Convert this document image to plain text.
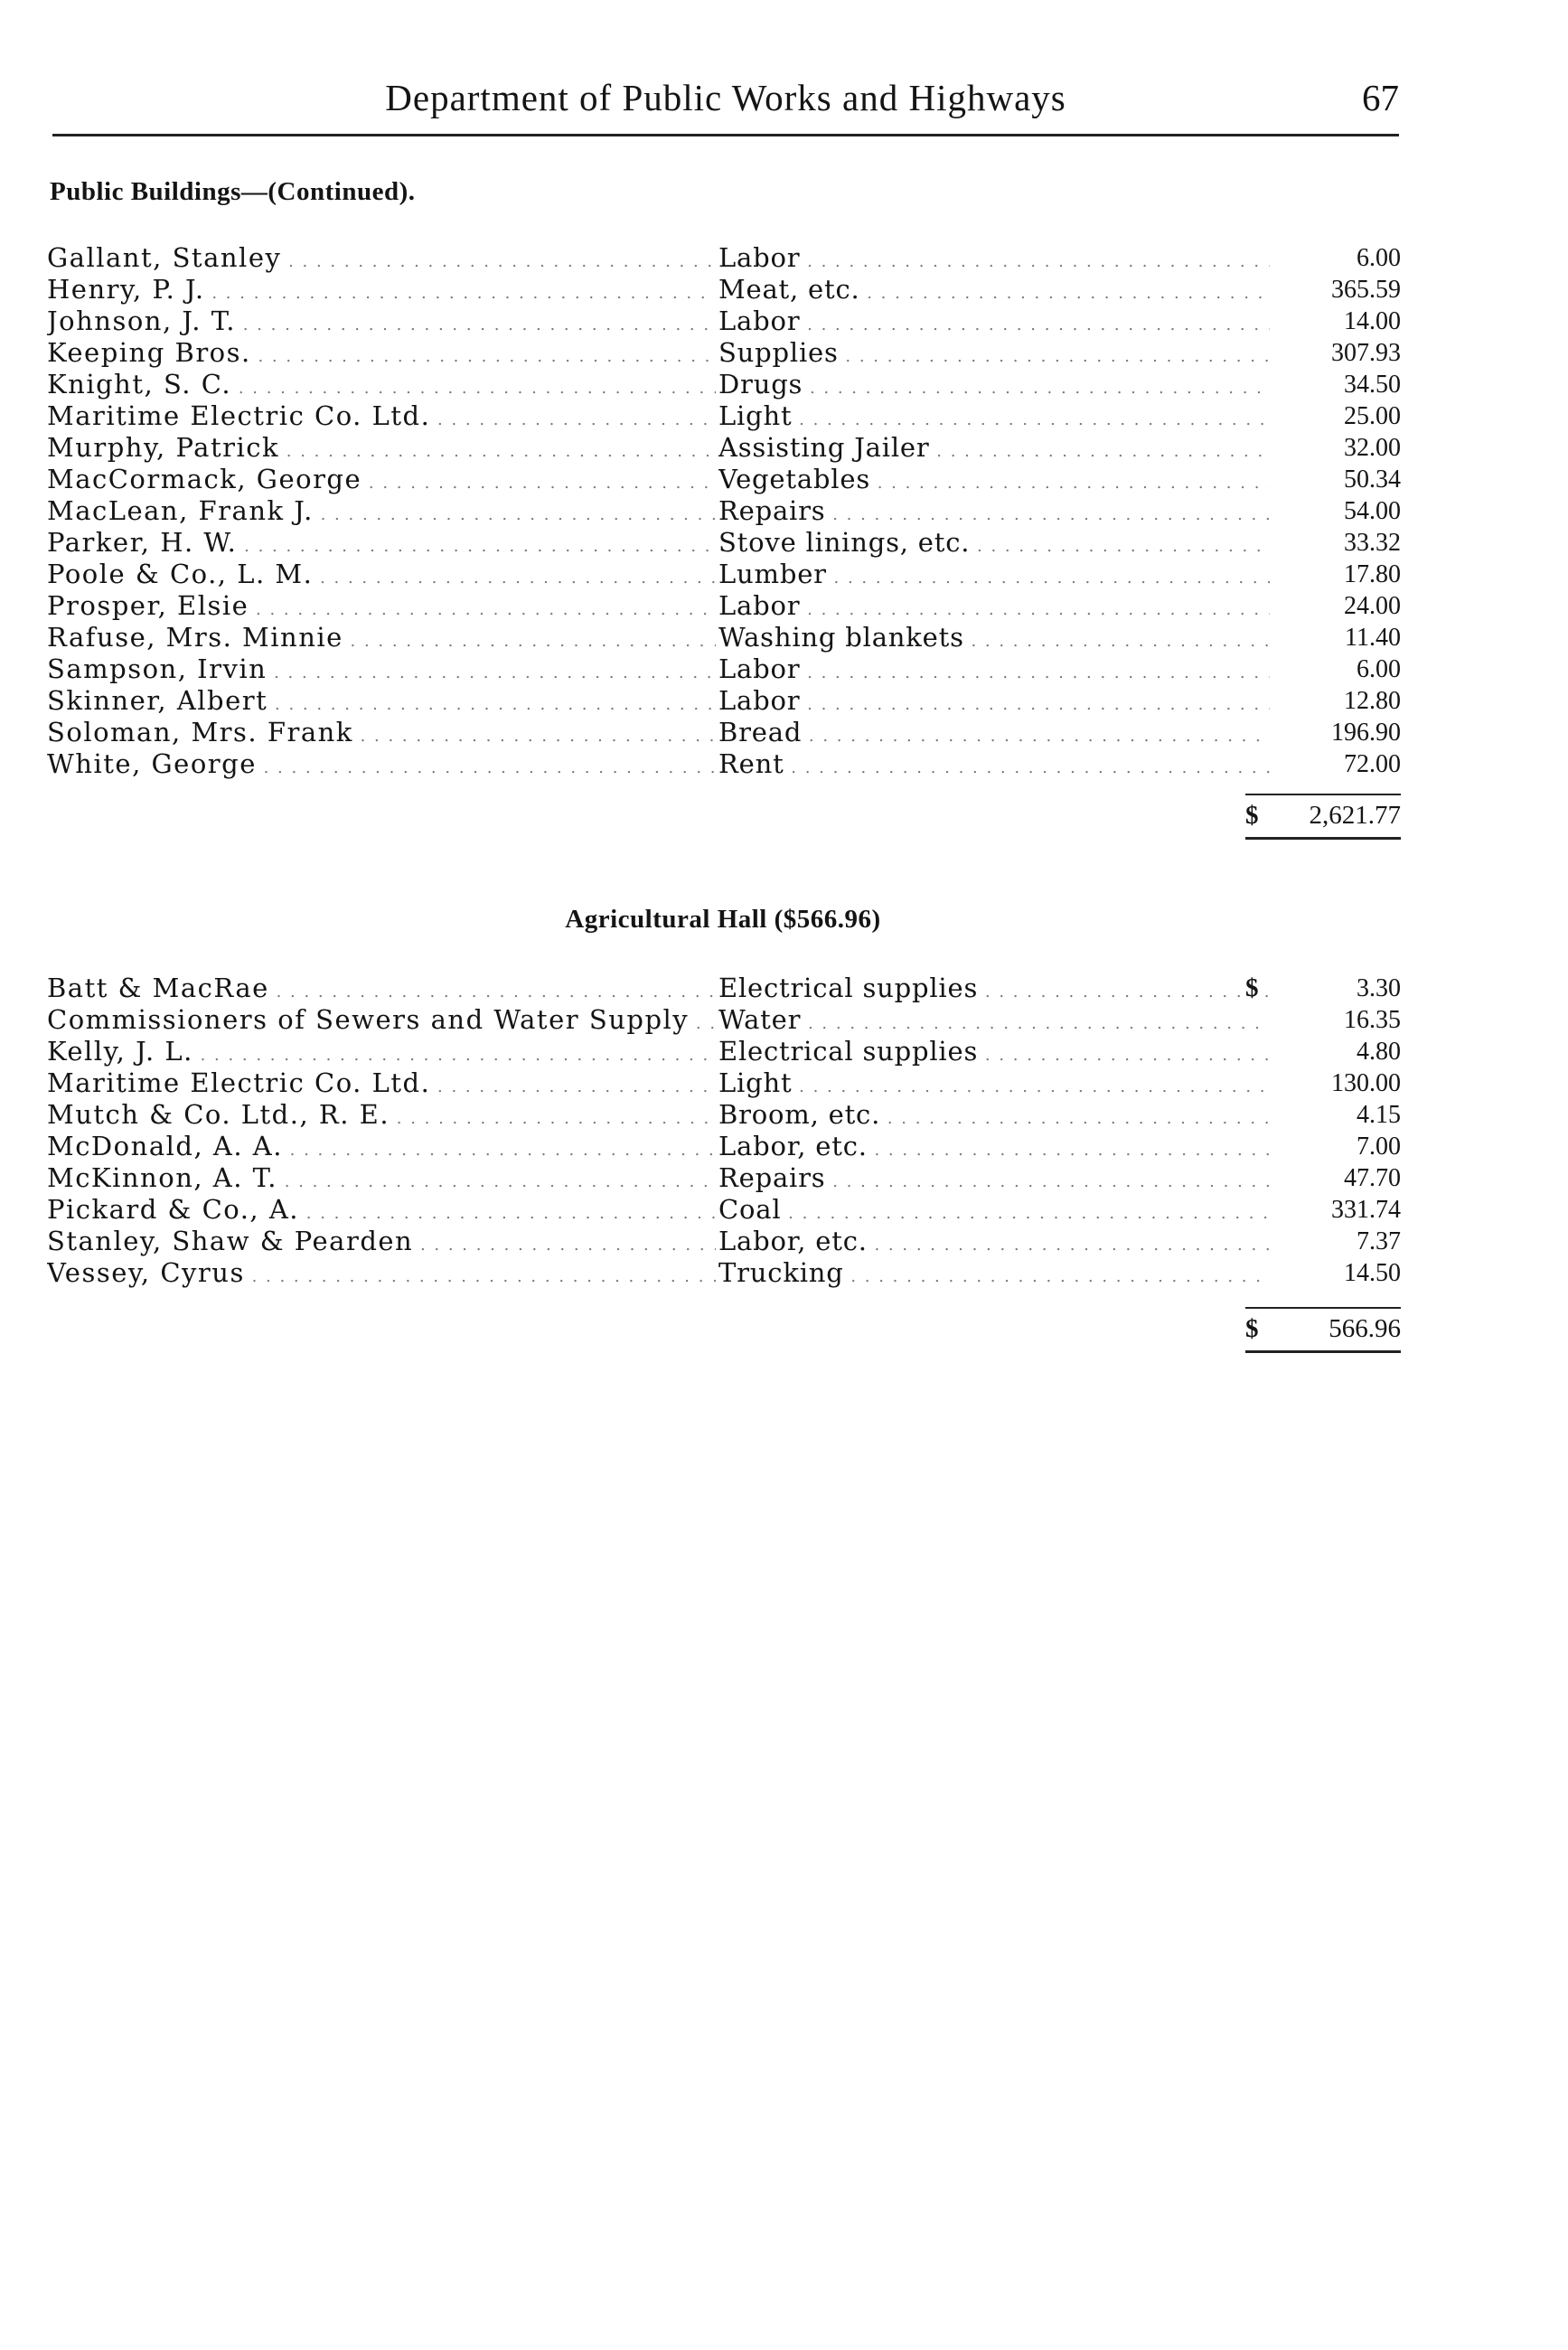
Department of Public Works and Highways	67
Public Buildings—(Continued).
Gallant, Stanley . . .	Labor . . .	6.00
Henry, P. J. . . .	Meat, etc. . . .	365.59
Johnson, J. T. . . .	Labor . . .	14.00
Keeping Bros. . . .	Supplies . . .	307.93
Knight, S. C. . . .	Drugs . . .	34.50
Maritime Electric Co. Ltd. . . .	Light . . .	25.00
Murphy, Patrick . . .	Assisting Jailer . . .	32.00
MacCormack, George . . .	Vegetables . . .	50.34
MacLean, Frank J. . . .	Repairs . . .	54.00
Parker, H. W. . . .	Stove linings, etc. . . .	33.32
Poole & Co., L. M. . . .	Lumber . . .	17.80
Prosper, Elsie . . .	Labor . . .	24.00
Rafuse, Mrs. Minnie . . .	Washing blankets . . .	11.40
Sampson, Irvin . . .	Labor . . .	6.00
Skinner, Albert . . .	Labor . . .	12.80
Soloman, Mrs. Frank . . .	Bread . . .	196.90
White, George . . .	Rent . . .	72.00
$ 2,621.77
Agricultural Hall ($566.96)
Batt & MacRae . . .	Electrical supplies . . .	$	3.30
Commissioners of Sewers and Water Supply . . .	Water . . .	16.35
Kelly, J. L. . . .	Electrical supplies . . .	4.80
Maritime Electric Co. Ltd. . . .	Light . . .	130.00
Mutch & Co. Ltd., R. E. . . .	Broom, etc. . . .	4.15
McDonald, A. A. . . .	Labor, etc. . . .	7.00
McKinnon, A. T. . . .	Repairs . . .	47.70
Pickard & Co., A. . . .	Coal . . .	331.74
Stanley, Shaw & Pearden . . .	Labor, etc. . . .	7.37
Vessey, Cyrus . . .	Trucking . . .	14.50
$	566.96
